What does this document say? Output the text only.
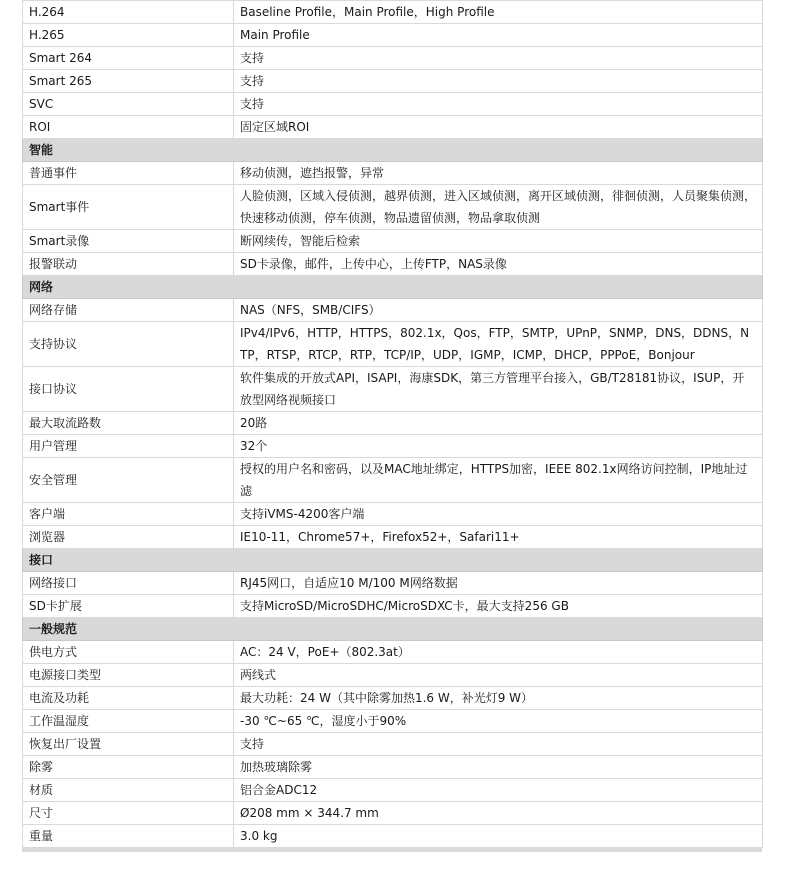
H.264	Baseline Profile，Main Profile，High Profile
H.265	Main Profile
Smart 264	支持
Smart 265	支持
SVC	支持
ROI	固定区域ROI
智能	
普通事件	移动侦测，遮挡报警，异常
Smart事件	人脸侦测，区域入侵侦测，越界侦测，进入区域侦测，离开区域侦测，徘徊侦测，人员聚集侦测，快速移动侦测，停车侦测，物品遗留侦测，物品拿取侦测
Smart录像	断网续传，智能后检索
报警联动	SD卡录像，邮件，上传中心，上传FTP，NAS录像
网络	
网络存储	NAS（NFS，SMB/CIFS）
支持协议	IPv4/IPv6，HTTP，HTTPS，802.1x，Qos，FTP，SMTP，UPnP，SNMP，DNS，DDNS，NTP，RTSP，RTCP，RTP，TCP/IP，UDP，IGMP，ICMP，DHCP，PPPoE，Bonjour
接口协议	软件集成的开放式API，ISAPI，海康SDK，第三方管理平台接入，GB/T28181协议，ISUP，开放型网络视频接口
最大取流路数	20路
用户管理	32个
安全管理	授权的用户名和密码，以及MAC地址绑定，HTTPS加密，IEEE 802.1x网络访问控制，IP地址过滤
客户端	支持iVMS-4200客户端
浏览器	IE10-11，Chrome57+，Firefox52+，Safari11+
接口	
网络接口	RJ45网口，自适应10 M/100 M网络数据
SD卡扩展	支持MicroSD/MicroSDHC/MicroSDXC卡，最大支持256 GB
一般规范	
供电方式	AC：24 V，PoE+（802.3at）
电源接口类型	两线式
电流及功耗	最大功耗：24 W（其中除雾加热1.6 W，补光灯9 W）
工作温湿度	-30 ℃~65 ℃，湿度小于90%
恢复出厂设置	支持
除雾	加热玻璃除雾
材质	铝合金ADC12
尺寸	Ø208 mm × 344.7 mm
重量	3.0 kg
